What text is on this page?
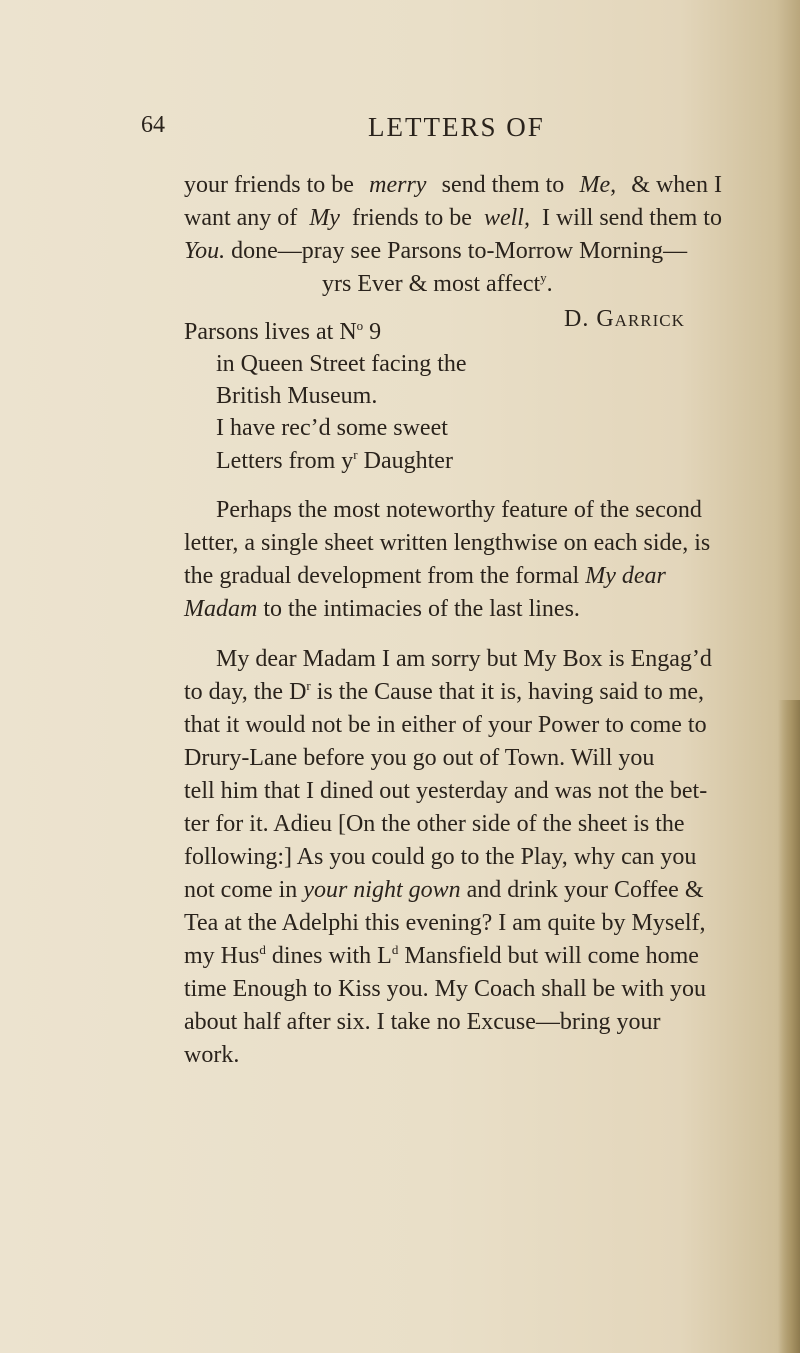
64	LETTERS OF
your friends to be merry send them to Me, & when I
want any of My friends to be well, I will send them to
You. done—pray see Parsons to-Morrow Morning—
yrs Ever & most affect$^y$.
D. Garrick
Parsons lives at $N^o$ 9
in Queen Street facing the
British Museum.
I have rec’d some sweet
Letters from $y^r$ Daughter
Perhaps the most noteworthy feature of the second
letter, a single sheet written lengthwise on each side, is
the gradual development from the formal My dear
Madam to the intimacies of the last lines.
My dear Madam I am sorry but My Box is Engag’d
to day, the $D^r$ is the Cause that it is, having said to me,
that it would not be in either of your Power to come to
Drury-Lane before you go out of Town. Will you
tell him that I dined out yesterday and was not the bet-
ter for it. Adieu [On the other side of the sheet is the
following:] As you could go to the Play, why can you
not come in your night gown and drink your Coffee &
Tea at the Adelphi this evening? I am quite by Myself,
my Hus$^d$ dines with $L^d$ Mansfield but will come home
time Enough to Kiss you. My Coach shall be with you
about half after six. I take no Excuse—bring your
work.
